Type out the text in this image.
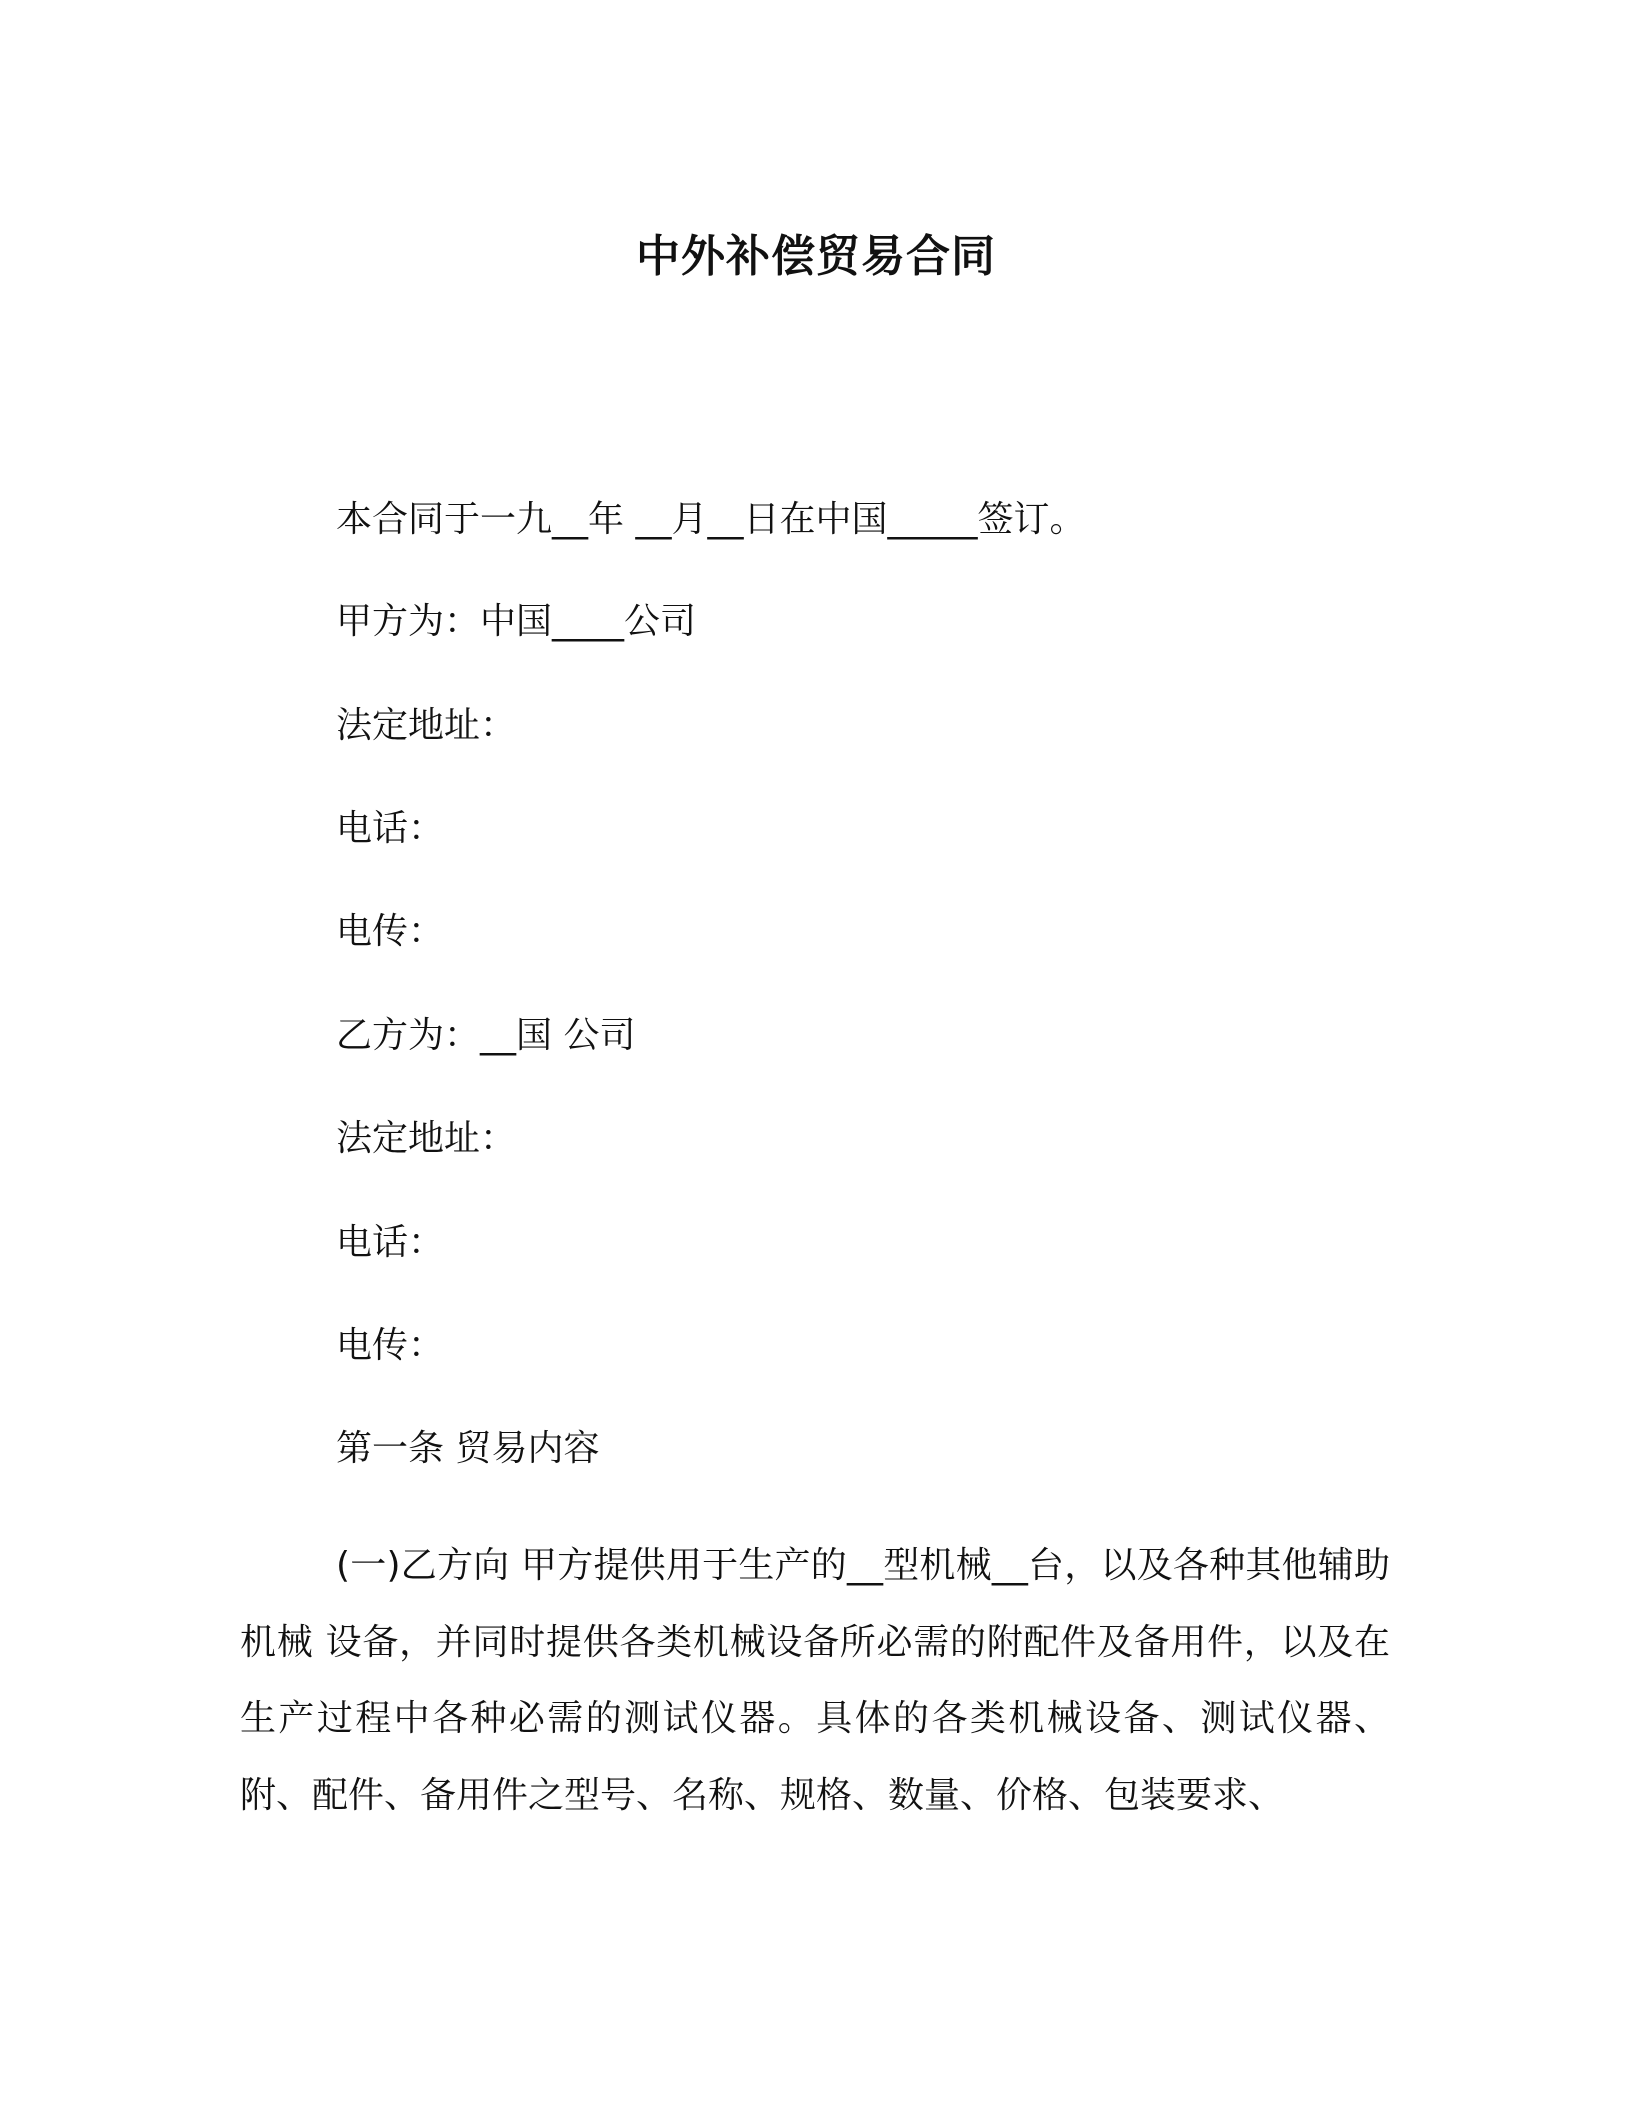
中外补偿贸易合同
本合同于一九__年 __月__日在中国_____签订。
甲方为：中国____公司
法定地址：
电话：
电传：
乙方为：__国 公司
法定地址：
电话：
电传：
第一条 贸易内容
(一)乙方向 甲方提供用于生产的__型机械__台，以及各种其他辅助机械 设备，并同时提供各类机械设备所必需的附配件及备用件，以及在生产过程中各种必需的测试仪器。具体的各类机械设备、测试仪器、附、配件、备用件之型号、名称、规格、数量、价格、包装要求、
